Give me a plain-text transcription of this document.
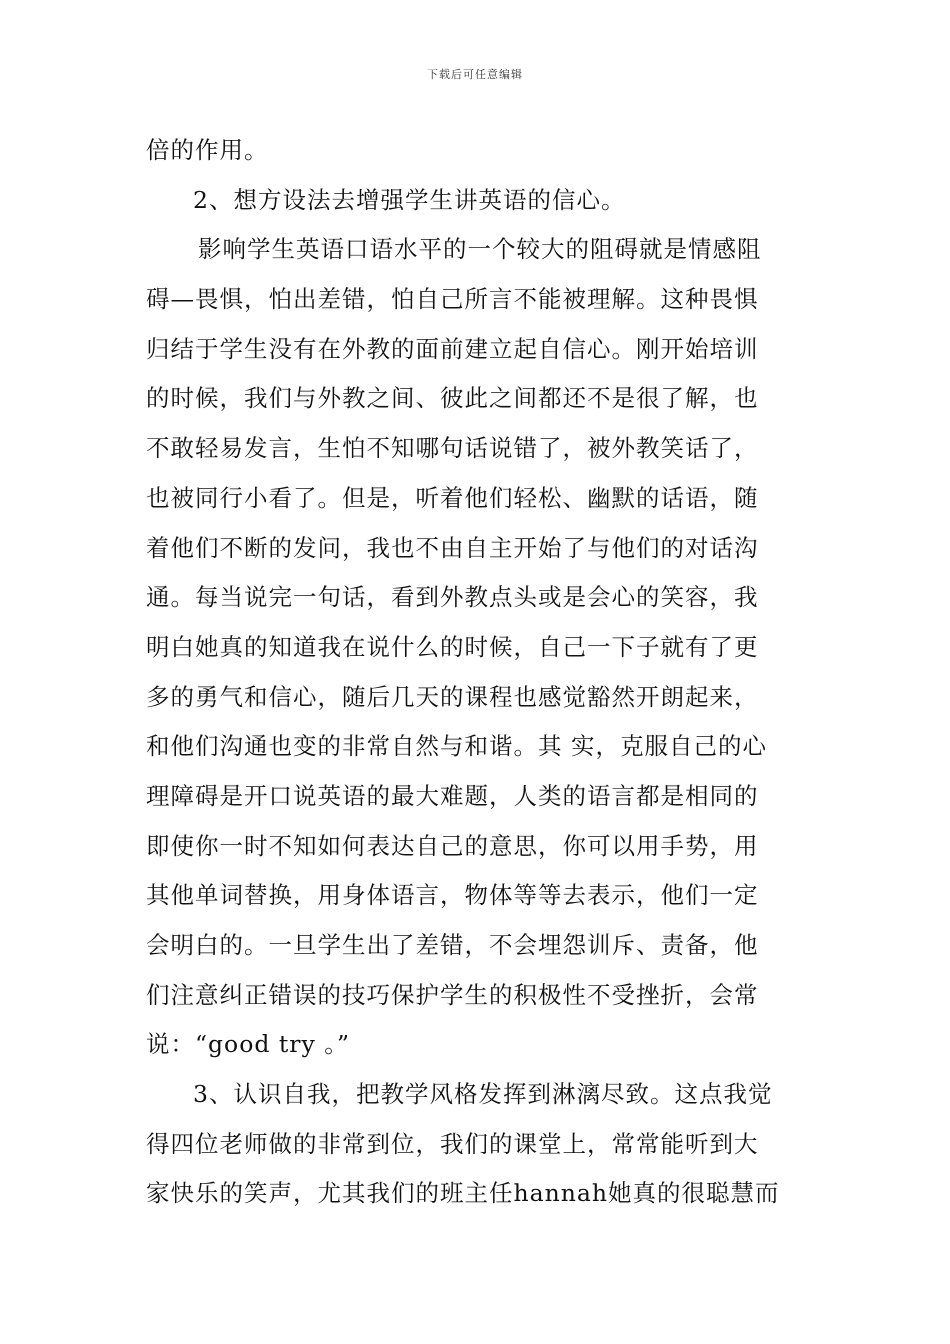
下载后可任意编辑
倍的作用。
2、想方设法去增强学生讲英语的信心。
影响学生英语口语水平的一个较大的阻碍就是情感阻
碍—畏惧，怕出差错，怕自己所言不能被理解。这种畏惧
归结于学生没有在外教的面前建立起自信心。刚开始培训
的时候，我们与外教之间、彼此之间都还不是很了解，也
不敢轻易发言，生怕不知哪句话说错了，被外教笑话了，
也被同行小看了。但是，听着他们轻松、幽默的话语，随
着他们不断的发问，我也不由自主开始了与他们的对话沟
通。每当说完一句话，看到外教点头或是会心的笑容，我
明白她真的知道我在说什么的时候，自己一下子就有了更
多的勇气和信心，随后几天的课程也感觉豁然开朗起来，
和他们沟通也变的非常自然与和谐。其 实，克服自己的心
理障碍是开口说英语的最大难题，人类的语言都是相同的
即使你一时不知如何表达自己的意思，你可以用手势，用
其他单词替换，用身体语言，物体等等去表示，他们一定
会明白的。一旦学生出了差错，不会埋怨训斥、责备，他
们注意纠正错误的技巧保护学生的积极性不受挫折，会常
说：“good try 。”
3、认识自我，把教学风格发挥到淋漓尽致。这点我觉
得四位老师做的非常到位，我们的课堂上，常常能听到大
家快乐的笑声，尤其我们的班主任hannah她真的很聪慧而
